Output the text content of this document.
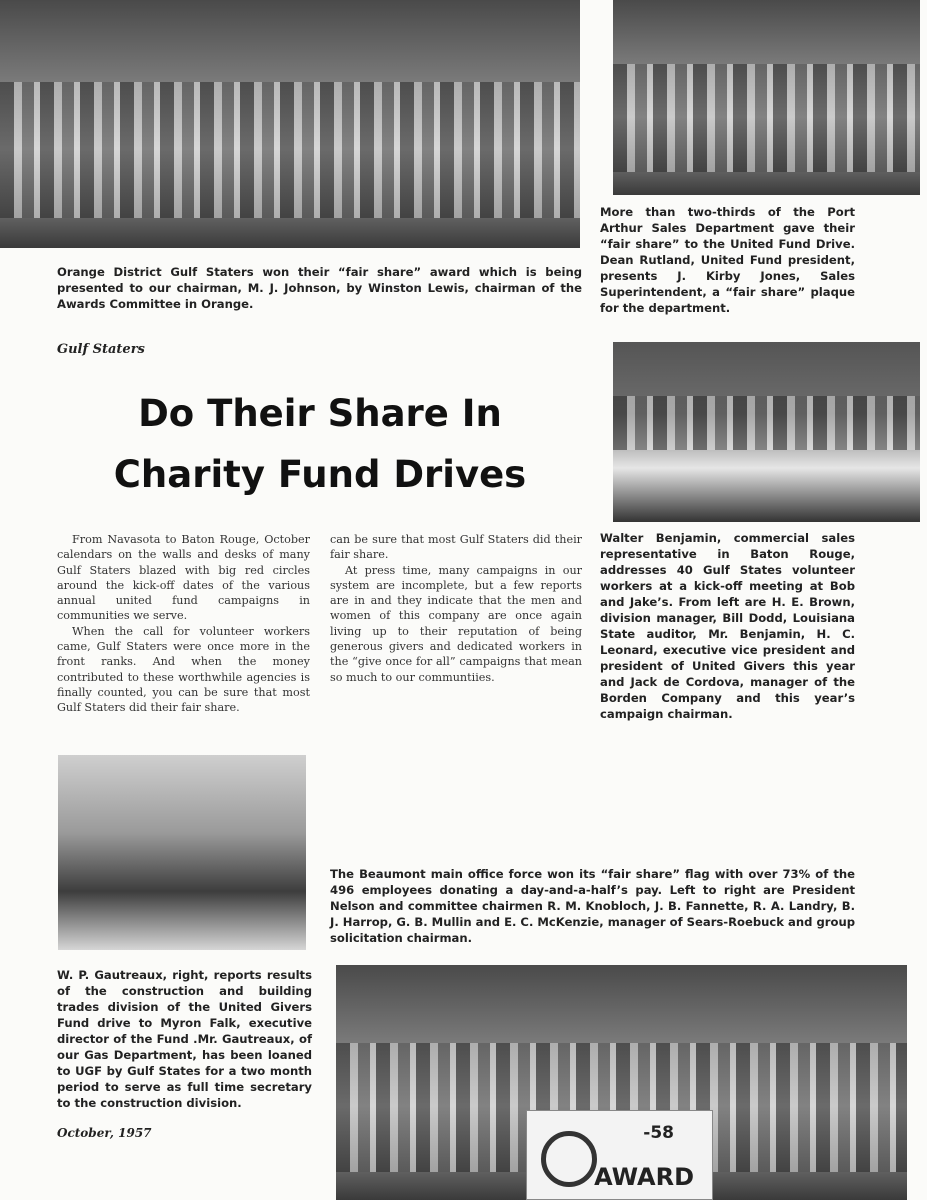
Orange District Gulf Staters won their “fair share” award which is being presented to our chairman, M. J. Johnson, by Winston Lewis, chairman of the Awards Committee in Orange.

More than two-thirds of the Port Arthur Sales Department gave their “fair share” to the United Fund Drive. Dean Rutland, United Fund president, presents J. Kirby Jones, Sales Superintendent, a “fair share” plaque for the department.

Gulf Staters
Do Their Share In
Charity Fund Drives

From Navasota to Baton Rouge, October calendars on the walls and desks of many Gulf Staters blazed with big red circles around the kick-off dates of the various annual united fund campaigns in communities we serve.

When the call for volunteer workers came, Gulf Staters were once more in the front ranks. And when the money contributed to these worthwhile agencies is finally counted, you can be sure that most Gulf Staters did their fair share.

can be sure that most Gulf Staters did their fair share.

At press time, many campaigns in our system are incomplete, but a few reports are in and they indicate that the men and women of this company are once again living up to their reputation of being generous givers and dedicated workers in the “give once for all” campaigns that mean so much to our communtiies.

Walter Benjamin, commercial sales representative in Baton Rouge, addresses 40 Gulf States volunteer workers at a kick-off meeting at Bob and Jake’s. From left are H. E. Brown, division manager, Bill Dodd, Louisiana State auditor, Mr. Benjamin, H. C. Leonard, executive vice president and president of United Givers this year and Jack de Cordova, manager of the Borden Company and this year’s campaign chairman.

The Beaumont main office force won its “fair share” flag with over 73% of the 496 employees donating a day-and-a-half’s pay. Left to right are President Nelson and committee chairmen R. M. Knobloch, J. B. Fannette, R. A. Landry, B. J. Harrop, G. B. Mullin and E. C. McKenzie, manager of Sears-Roebuck and group solicitation chairman.

W. P. Gautreaux, right, reports results of the construction and building trades division of the United Givers Fund drive to Myron Falk, executive director of the Fund .Mr. Gautreaux, of our Gas Department, has been loaned to UGF by Gulf States for a two month period to serve as full time secretary to the construction division.

-58
AWARD
October, 1957
